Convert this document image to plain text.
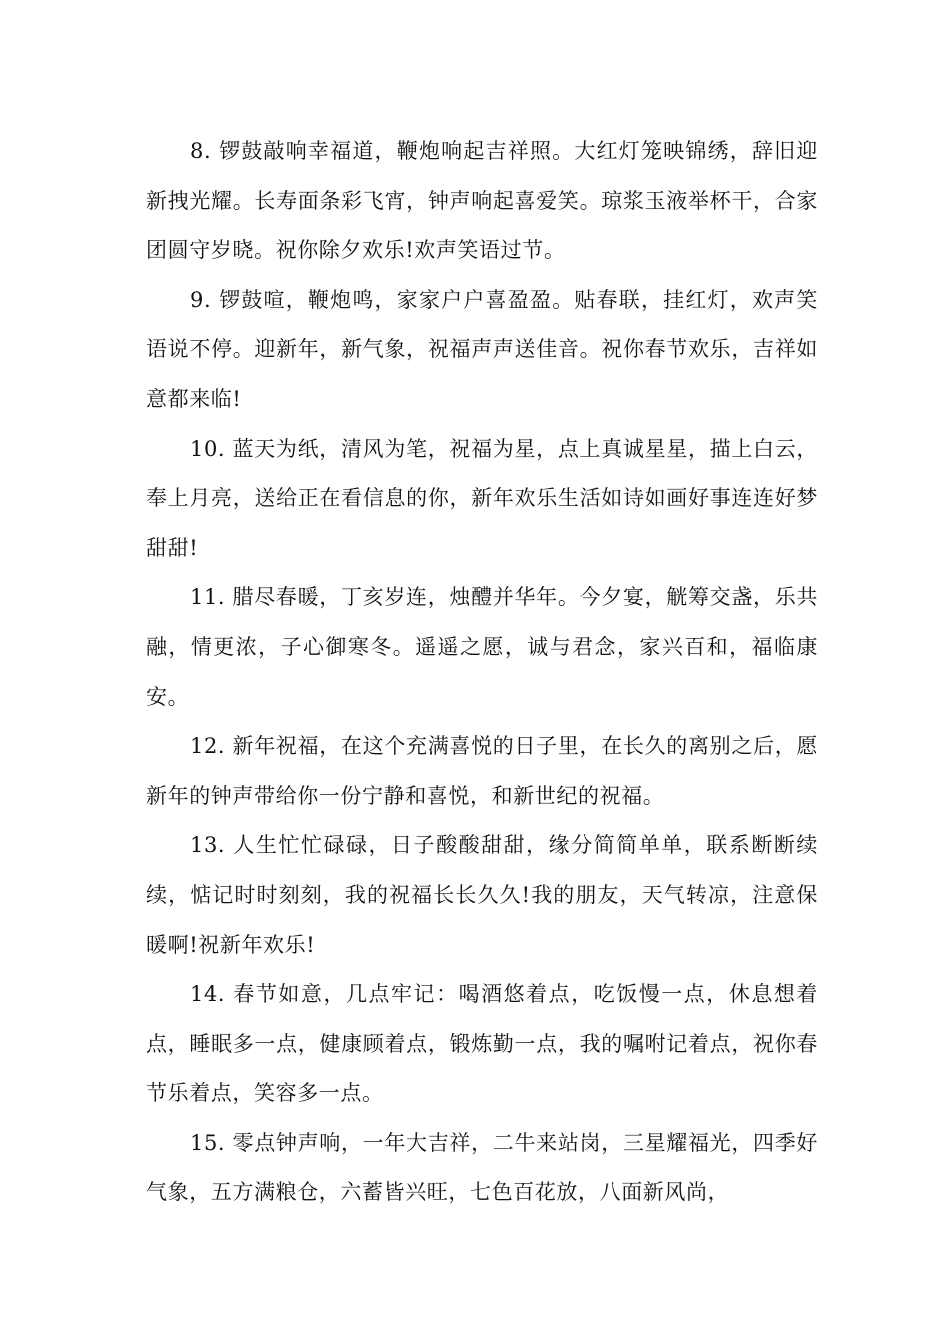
8. 锣鼓敲响幸福道，鞭炮响起吉祥照。大红灯笼映锦绣，辞旧迎新拽光耀。长寿面条彩飞宵，钟声响起喜爱笑。琼浆玉液举杯干，合家团圆守岁晓。祝你除夕欢乐!欢声笑语过节。

9. 锣鼓喧，鞭炮鸣，家家户户喜盈盈。贴春联，挂红灯，欢声笑语说不停。迎新年，新气象，祝福声声送佳音。祝你春节欢乐，吉祥如意都来临!

10. 蓝天为纸，清风为笔，祝福为星，点上真诚星星，描上白云，奉上月亮，送给正在看信息的你，新年欢乐生活如诗如画好事连连好梦甜甜!

11. 腊尽春暖，丁亥岁连，烛醴并华年。今夕宴，觥筹交盏，乐共融，情更浓，子心御寒冬。遥遥之愿，诚与君念，家兴百和，福临康安。

12. 新年祝福，在这个充满喜悦的日子里，在长久的离别之后，愿新年的钟声带给你一份宁静和喜悦，和新世纪的祝福。

13. 人生忙忙碌碌，日子酸酸甜甜，缘分简简单单，联系断断续续，惦记时时刻刻，我的祝福长长久久!我的朋友，天气转凉，注意保暖啊!祝新年欢乐!

14. 春节如意，几点牢记：喝酒悠着点，吃饭慢一点，休息想着点，睡眠多一点，健康顾着点，锻炼勤一点，我的嘱咐记着点，祝你春节乐着点，笑容多一点。

15. 零点钟声响，一年大吉祥，二牛来站岗，三星耀福光，四季好气象，五方满粮仓，六蓄皆兴旺，七色百花放，八面新风尚，
